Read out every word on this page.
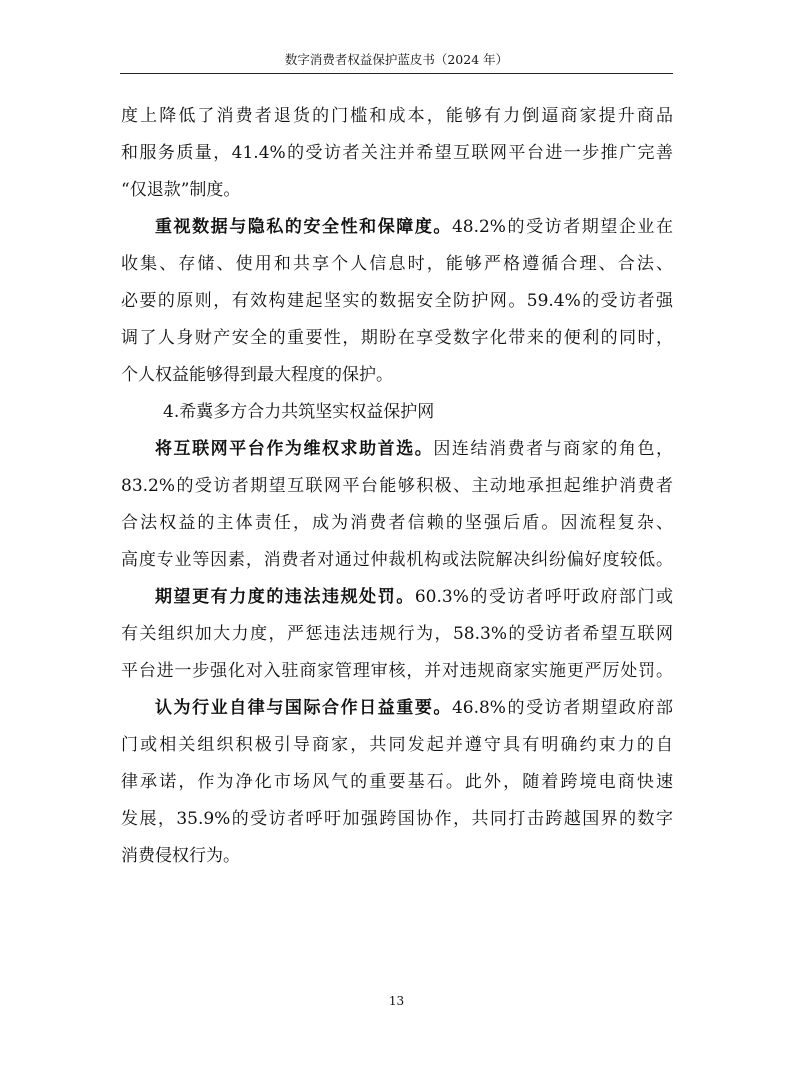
数字消费者权益保护蓝皮书（2024 年）
度上降低了消费者退货的门槛和成本，能够有力倒逼商家提升商品
和服务质量，41.4%的受访者关注并希望互联网平台进一步推广完善
“仅退款”制度。
重视数据与隐私的安全性和保障度。48.2%的受访者期望企业在
收集、存储、使用和共享个人信息时，能够严格遵循合理、合法、
必要的原则，有效构建起坚实的数据安全防护网。59.4%的受访者强
调了人身财产安全的重要性，期盼在享受数字化带来的便利的同时，
个人权益能够得到最大程度的保护。
4.希冀多方合力共筑坚实权益保护网
将互联网平台作为维权求助首选。因连结消费者与商家的角色，
83.2%的受访者期望互联网平台能够积极、主动地承担起维护消费者
合法权益的主体责任，成为消费者信赖的坚强后盾。因流程复杂、
高度专业等因素，消费者对通过仲裁机构或法院解决纠纷偏好度较低。
期望更有力度的违法违规处罚。60.3%的受访者呼吁政府部门或
有关组织加大力度，严惩违法违规行为，58.3%的受访者希望互联网
平台进一步强化对入驻商家管理审核，并对违规商家实施更严厉处罚。
认为行业自律与国际合作日益重要。46.8%的受访者期望政府部
门或相关组织积极引导商家，共同发起并遵守具有明确约束力的自
律承诺，作为净化市场风气的重要基石。此外，随着跨境电商快速
发展，35.9%的受访者呼吁加强跨国协作，共同打击跨越国界的数字
消费侵权行为。
13
